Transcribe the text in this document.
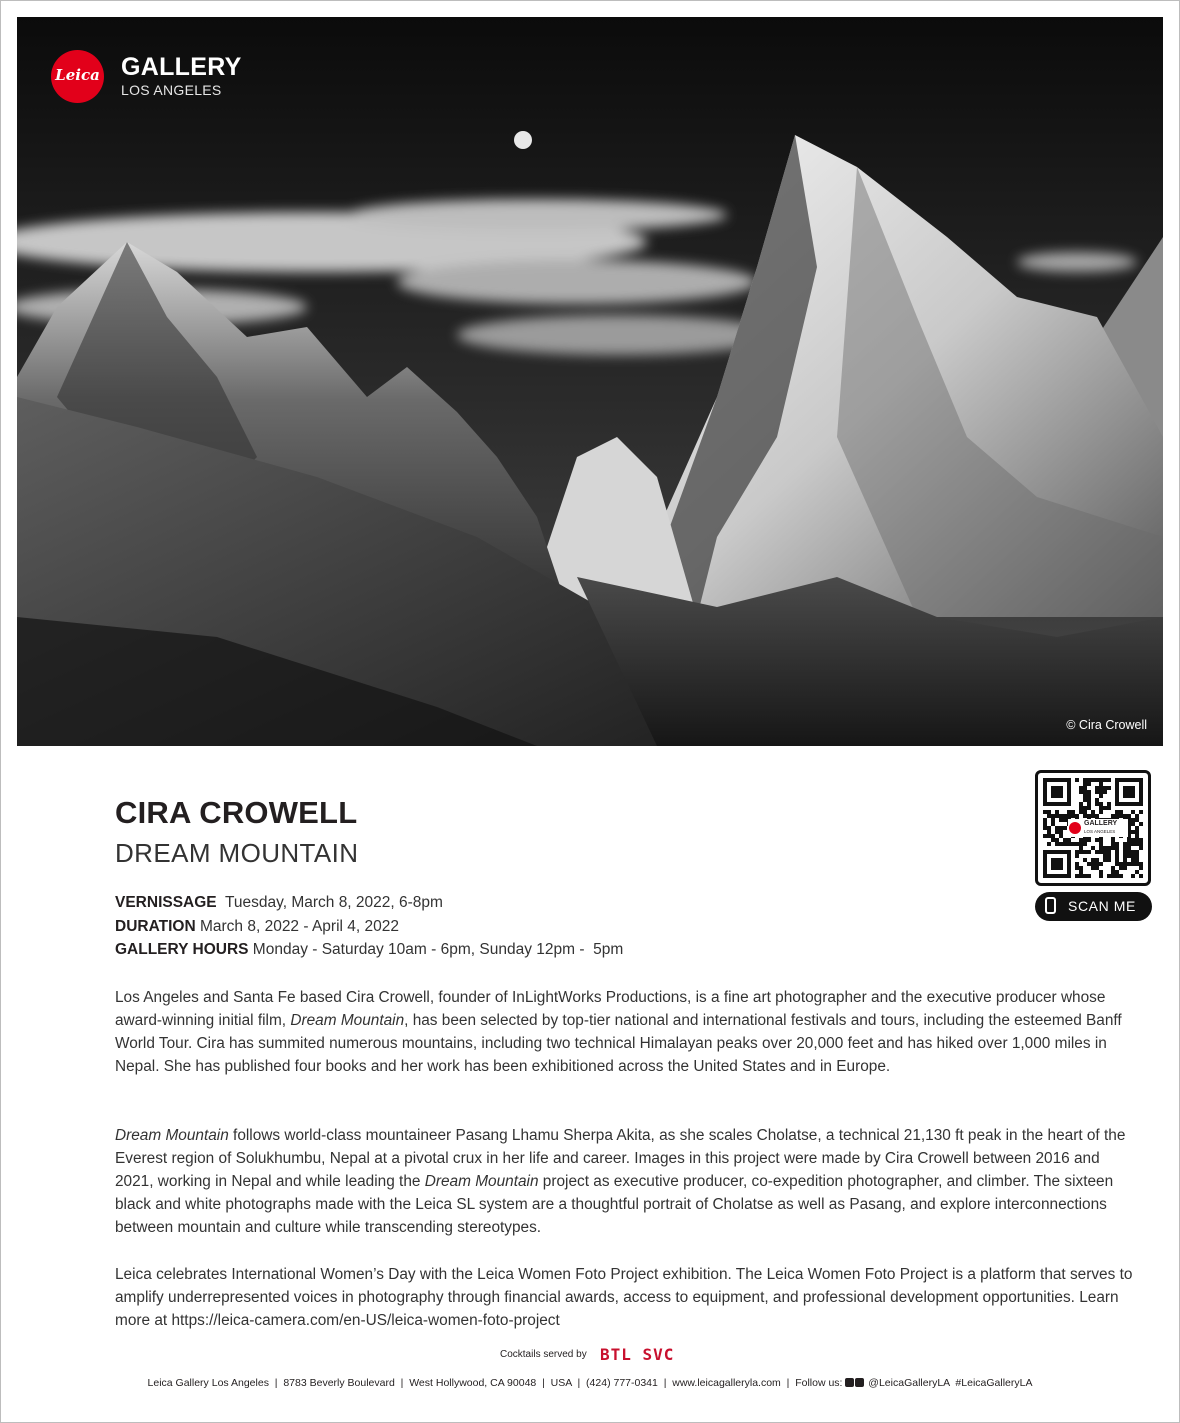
Leica GALLERY
LOS ANGELES
© Cira Crowell
CIRA CROWELL
DREAM MOUNTAIN
VERNISSAGE Tuesday, March 8, 2022, 6-8pm
DURATION March 8, 2022 - April 4, 2022
GALLERY HOURS Monday - Saturday 10am - 6pm, Sunday 12pm -  5pm
GALLERY
LOS ANGELES
SCAN ME

Los Angeles and Santa Fe based Cira Crowell, founder of InLightWorks Productions, is a fine art photographer and the executive producer whose award-winning initial film, Dream Mountain, has been selected by top-tier national and international festivals and tours, including the esteemed Banff World Tour. Cira has summited numerous mountains, including two technical Himalayan peaks over 20,000 feet and has hiked over 1,000 miles in Nepal. She has published four books and her work has been exhibitioned across the United States and in Europe.

Dream Mountain follows world-class mountaineer Pasang Lhamu Sherpa Akita, as she scales Cholatse, a technical 21,130 ft peak in the heart of the Everest region of Solukhumbu, Nepal at a pivotal crux in her life and career. Images in this project were made by Cira Crowell between 2016 and 2021, working in Nepal and while leading the Dream Mountain project as executive producer, co-expedition photographer, and climber. The sixteen black and white photographs made with the Leica SL system are a thoughtful portrait of Cholatse as well as Pasang, and explore interconnections between mountain and culture while transcending stereotypes.

Leica celebrates International Women’s Day with the Leica Women Foto Project exhibition. The Leica Women Foto Project is a platform that serves to amplify underrepresented voices in photography through financial awards, access to equipment, and professional development opportunities. Learn more at https://leica-camera.com/en-US/leica-women-foto-project

Cocktails served by BTL SVC
Leica Gallery Los Angeles  |  8783 Beverly Boulevard  |  West Hollywood, CA 90048  |  USA  |  (424) 777-0341  |  www.leicagalleryla.com  |  Follow us:  @LeicaGalleryLA  #LeicaGalleryLA
